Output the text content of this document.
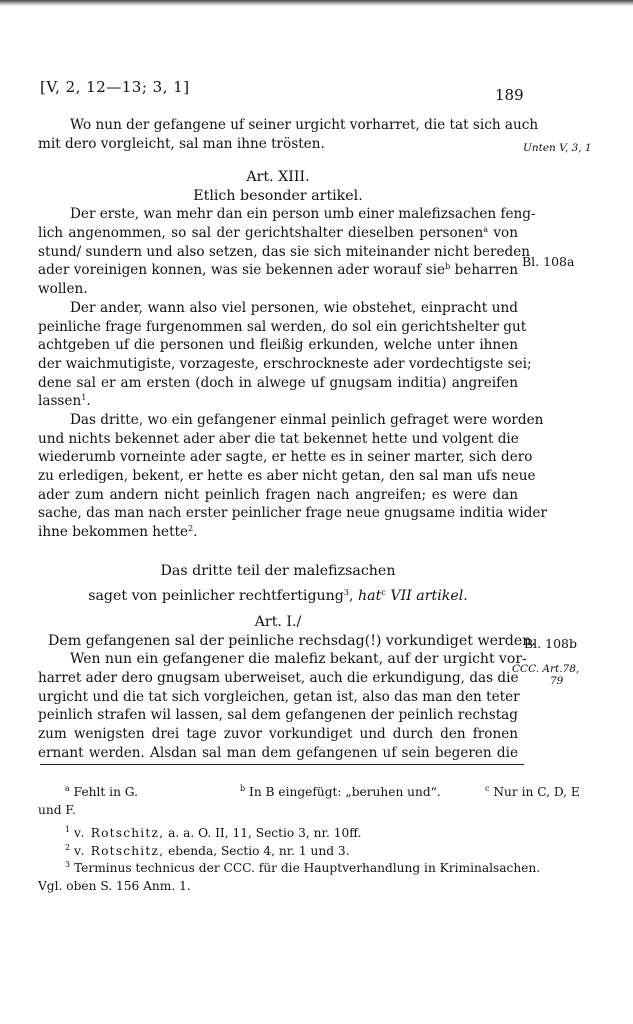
[V, 2, 12—13; 3, 1]	189
Wo nun der gefangene uf seiner urgicht vorharret, die tat sich auch
mit dero vorgleicht, sal man ihne trösten.	Unten V, 3, 1
Art. XIII.
Etlich besonder artikel.
Der erste, wan mehr dan ein person umb einer malefizsachen feng-
lich angenommen, so sal der gerichtshalter dieselben personen$^a$ von
stund/ sundern und also setzen, das sie sich miteinander nicht bereden
ader voreinigen konnen, was sie bekennen ader worauf sie$^b$ beharren
wollen.
Der ander, wann also viel personen, wie obstehet, einpracht und
peinliche frage furgenommen sal werden, do sol ein gerichtshelter gut
achtgeben uf die personen und fleißig erkunden, welche unter ihnen
der waichmutigiste, vorzageste, erschrockneste ader vordechtigste sei;
dene sal er am ersten (doch in alwege uf gnugsam inditia) angreifen
lassen$^1$.
Das dritte, wo ein gefangener einmal peinlich gefraget were worden
und nichts bekennet ader aber die tat bekennet hette und volgent die
wiederumb vorneinte ader sagte, er hette es in seiner marter, sich dero
zu erledigen, bekent, er hette es aber nicht getan, den sal man ufs neue
ader zum andern nicht peinlich fragen nach angreifen; es were dan
sache, das man nach erster peinlicher frage neue gnugsame inditia wider
ihne bekommen hette$^2$.
Bl. 108a
Das dritte teil der malefizsachen
saget von peinlicher rechtfertigung$^3$, hat$^c$ VII artikel.
Art. I./
Dem gefangenen sal der peinliche rechsdag(!) vorkundiget werden.
Wen nun ein gefangener die malefiz bekant, auf der urgicht vor-
harret ader dero gnugsam uberweiset, auch die erkundigung, das die
urgicht und die tat sich vorgleichen, getan ist, also das man den teter
peinlich strafen wil lassen, sal dem gefangenen der peinlich rechstag
zum wenigsten drei tage zuvor vorkundiget und durch den fronen
ernant werden. Alsdan sal man dem gefangenen uf sein begeren die
Bl. 108b
CCC. Art.78,
79
$^a$ Fehlt in G.	$^b$ In B eingefügt: „beruhen und“.	$^c$ Nur in C, D, E
und F.
$^1$ v. Rotschitz, a. a. O. II, 11, Sectio 3, nr. 10ff.
$^2$ v. Rotschitz, ebenda, Sectio 4, nr. 1 und 3.
$^3$ Terminus technicus der CCC. für die Hauptverhandlung in Kriminalsachen.
Vgl. oben S. 156 Anm. 1.
